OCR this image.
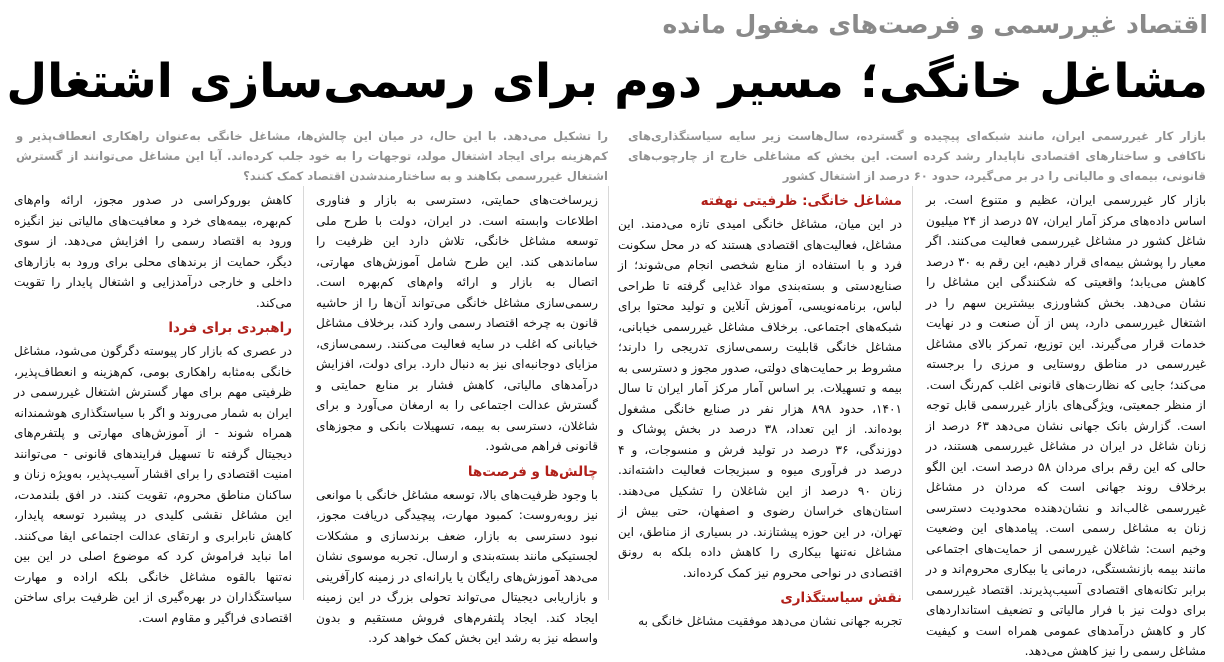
اقتصاد غیررسمی و فرصت‌های مغفول مانده
مشاغل خانگی؛ مسیر دوم برای رسمی‌سازی اشتغال
بازار کار غیررسمی ایران، مانند شبکه‌ای پیچیده و گسترده، سال‌هاست زیر سایه سیاستگذاری‌های ناکافی و ساختارهای اقتصادی ناپایدار رشد کرده است. این بخش که مشاغلی خارج از چارچوب‌های قانونی، بیمه‌ای و مالیاتی را در بر می‌گیرد، حدود ۶۰ درصد از اشتغال کشور
را تشکیل می‌دهد. با این حال، در میان این چالش‌ها، مشاغل خانگی به‌عنوان راهکاری انعطاف‌پذیر و کم‌هزینه برای ایجاد اشتغال مولد، توجهات را به خود جلب کرده‌اند. آیا این مشاغل می‌توانند از گسترش اشتغال غیررسمی بکاهند و به ساختارمندشدن اقتصاد کمک کنند؟

بازار کار غیررسمی ایران، عظیم و متنوع است. بر اساس داده‌های مرکز آمار ایران، ۵۷ درصد از ۲۴ میلیون شاغل کشور در مشاغل غیررسمی فعالیت می‌کنند. اگر معیار را پوشش بیمه‌ای قرار دهیم، این رقم به ۳۰ درصد کاهش می‌یابد؛ واقعیتی که شکنندگی این مشاغل را نشان می‌دهد. بخش کشاورزی بیشترین سهم را در اشتغال غیررسمی دارد، پس از آن صنعت و در نهایت خدمات قرار می‌گیرند. این توزیع، تمرکز بالای مشاغل غیررسمی در مناطق روستایی و مرزی را برجسته می‌کند؛ جایی که نظارت‌های قانونی اغلب کم‌رنگ است. از منظر جمعیتی، ویژگی‌های بازار غیررسمی قابل توجه است. گزارش بانک جهانی نشان می‌دهد ۶۳ درصد از زنان شاغل در ایران در مشاغل غیررسمی هستند، در حالی که این رقم برای مردان ۵۸ درصد است. این الگو برخلاف روند جهانی است که مردان در مشاغل غیررسمی غالب‌اند و نشان‌دهنده محدودیت دسترسی زنان به مشاغل رسمی است. پیامدهای این وضعیت وخیم است: شاغلان غیررسمی از حمایت‌های اجتماعی مانند بیمه بازنشستگی، درمانی یا بیکاری محروم‌اند و در برابر تکانه‌های اقتصادی آسیب‌پذیرند. اقتصاد غیررسمی برای دولت نیز با فرار مالیاتی و تضعیف استانداردهای کار و کاهش درآمدهای عمومی همراه است و کیفیت مشاغل رسمی را نیز کاهش می‌دهد.

مشاغل خانگی: ظرفیتی نهفته

در این میان، مشاغل خانگی امیدی تازه می‌دمند. این مشاغل، فعالیت‌های اقتصادی هستند که در محل سکونت فرد و با استفاده از منابع شخصی انجام می‌شوند؛ از صنایع‌دستی و بسته‌بندی مواد غذایی گرفته تا طراحی لباس، برنامه‌نویسی، آموزش آنلاین و تولید محتوا برای شبکه‌های اجتماعی. برخلاف مشاغل غیررسمی خیابانی، مشاغل خانگی قابلیت رسمی‌سازی تدریجی را دارند؛ مشروط بر حمایت‌های دولتی، صدور مجوز و دسترسی به بیمه و تسهیلات. بر اساس آمار مرکز آمار ایران تا سال ۱۴۰۱، حدود ۸۹۸ هزار نفر در صنایع خانگی مشغول بوده‌اند. از این تعداد، ۳۸ درصد در بخش پوشاک و دوزندگی، ۳۶ درصد در تولید فرش و منسوجات، و ۴ درصد در فرآوری میوه و سبزیجات فعالیت داشته‌اند. زنان ۹۰ درصد از این شاغلان را تشکیل می‌دهند. استان‌های خراسان رضوی و اصفهان، حتی بیش از تهران، در این حوزه پیشتازند. در بسیاری از مناطق، این مشاغل نه‌تنها بیکاری را کاهش داده بلکه به رونق اقتصادی در نواحی محروم نیز کمک کرده‌اند.

نقش سیاستگذاری

تجربه جهانی نشان می‌دهد موفقیت مشاغل خانگی به

زیرساخت‌های حمایتی، دسترسی به بازار و فناوری اطلاعات وابسته است. در ایران، دولت با طرح ملی توسعه مشاغل خانگی، تلاش دارد این ظرفیت را ساماندهی کند. این طرح شامل آموزش‌های مهارتی، اتصال به بازار و ارائه وام‌های کم‌بهره است. رسمی‌سازی مشاغل خانگی می‌تواند آن‌ها را از حاشیه قانون به چرخه اقتصاد رسمی وارد کند، برخلاف مشاغل خیابانی که اغلب در سایه فعالیت می‌کنند. رسمی‌سازی، مزایای دوجانبه‌ای نیز به دنبال دارد. برای دولت، افزایش درآمدهای مالیاتی، کاهش فشار بر منابع حمایتی و گسترش عدالت اجتماعی را به ارمغان می‌آورد و برای شاغلان، دسترسی به بیمه، تسهیلات بانکی و مجوزهای قانونی فراهم می‌شود.

چالش‌ها و فرصت‌ها

با وجود ظرفیت‌های بالا، توسعه مشاغل خانگی با موانعی نیز روبه‌روست: کمبود مهارت، پیچیدگی دریافت مجوز، نبود دسترسی به بازار، ضعف برندسازی و مشکلات لجستیکی مانند بسته‌بندی و ارسال. تجربه موسوی نشان می‌دهد آموزش‌های رایگان یا یارانه‌ای در زمینه کارآفرینی و بازاریابی دیجیتال می‌تواند تحولی بزرگ در این زمینه ایجاد کند. ایجاد پلتفرم‌های فروش مستقیم و بدون واسطه نیز به رشد این بخش کمک خواهد کرد.

کاهش بوروکراسی در صدور مجوز، ارائه وام‌های کم‌بهره، بیمه‌های خرد و معافیت‌های مالیاتی نیز انگیزه ورود به اقتصاد رسمی را افزایش می‌دهد. از سوی دیگر، حمایت از برندهای محلی برای ورود به بازارهای داخلی و خارجی درآمدزایی و اشتغال پایدار را تقویت می‌کند.

راهبردی برای فردا

در عصری که بازار کار پیوسته دگرگون می‌شود، مشاغل خانگی به‌مثابه راهکاری بومی، کم‌هزینه و انعطاف‌پذیر، ظرفیتی مهم برای مهار گسترش اشتغال غیررسمی در ایران به شمار می‌روند و اگر با سیاستگذاری هوشمندانه همراه شوند - از آموزش‌های مهارتی و پلتفرم‌های دیجیتال گرفته تا تسهیل فرایندهای قانونی - می‌توانند امنیت اقتصادی را برای اقشار آسیب‌پذیر، به‌ویژه زنان و ساکنان مناطق محروم، تقویت کنند. در افق بلندمدت، این مشاغل نقشی کلیدی در پیشبرد توسعه پایدار، کاهش نابرابری و ارتقای عدالت اجتماعی ایفا می‌کنند. اما نباید فراموش کرد که موضوع اصلی در این بین نه‌تنها بالقوه مشاغل خانگی بلکه اراده و مهارت سیاستگذاران در بهره‌گیری از این ظرفیت برای ساختن اقتصادی فراگیر و مقاوم است.
